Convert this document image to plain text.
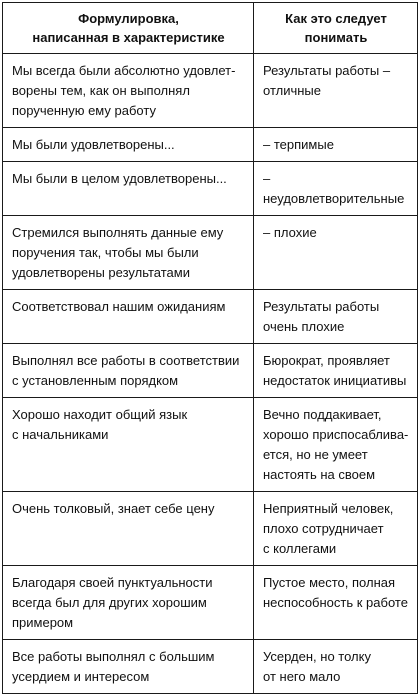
Формулировка,
написанная в характеристике	Как это следует
понимать

Мы всегда были абсолютно удовлет-
ворены тем, как он выполнял
порученную ему работу	Результаты работы –
отличные

Мы были удовлетворены...	– терпимые

Мы были в целом удовлетворены...	– неудовлетворительные

Стремился выполнять данные ему
поручения так, чтобы мы были
удовлетворены результатами	– плохие

Соответствовал нашим ожиданиям	Результаты работы
очень плохие

Выполнял все работы в соответствии
с установленным порядком	Бюрократ, проявляет
недостаток инициативы

Хорошо находит общий язык
с начальниками	Вечно поддакивает,
хорошо приспосаблива-
ется, но не умеет
настоять на своем

Очень толковый, знает себе цену	Неприятный человек,
плохо сотрудничает
с коллегами

Благодаря своей пунктуальности
всегда был для других хорошим
примером	Пустое место, полная
неспособность к работе

Все работы выполнял с большим
усердием и интересом	Усерден, но толку
от него мало
